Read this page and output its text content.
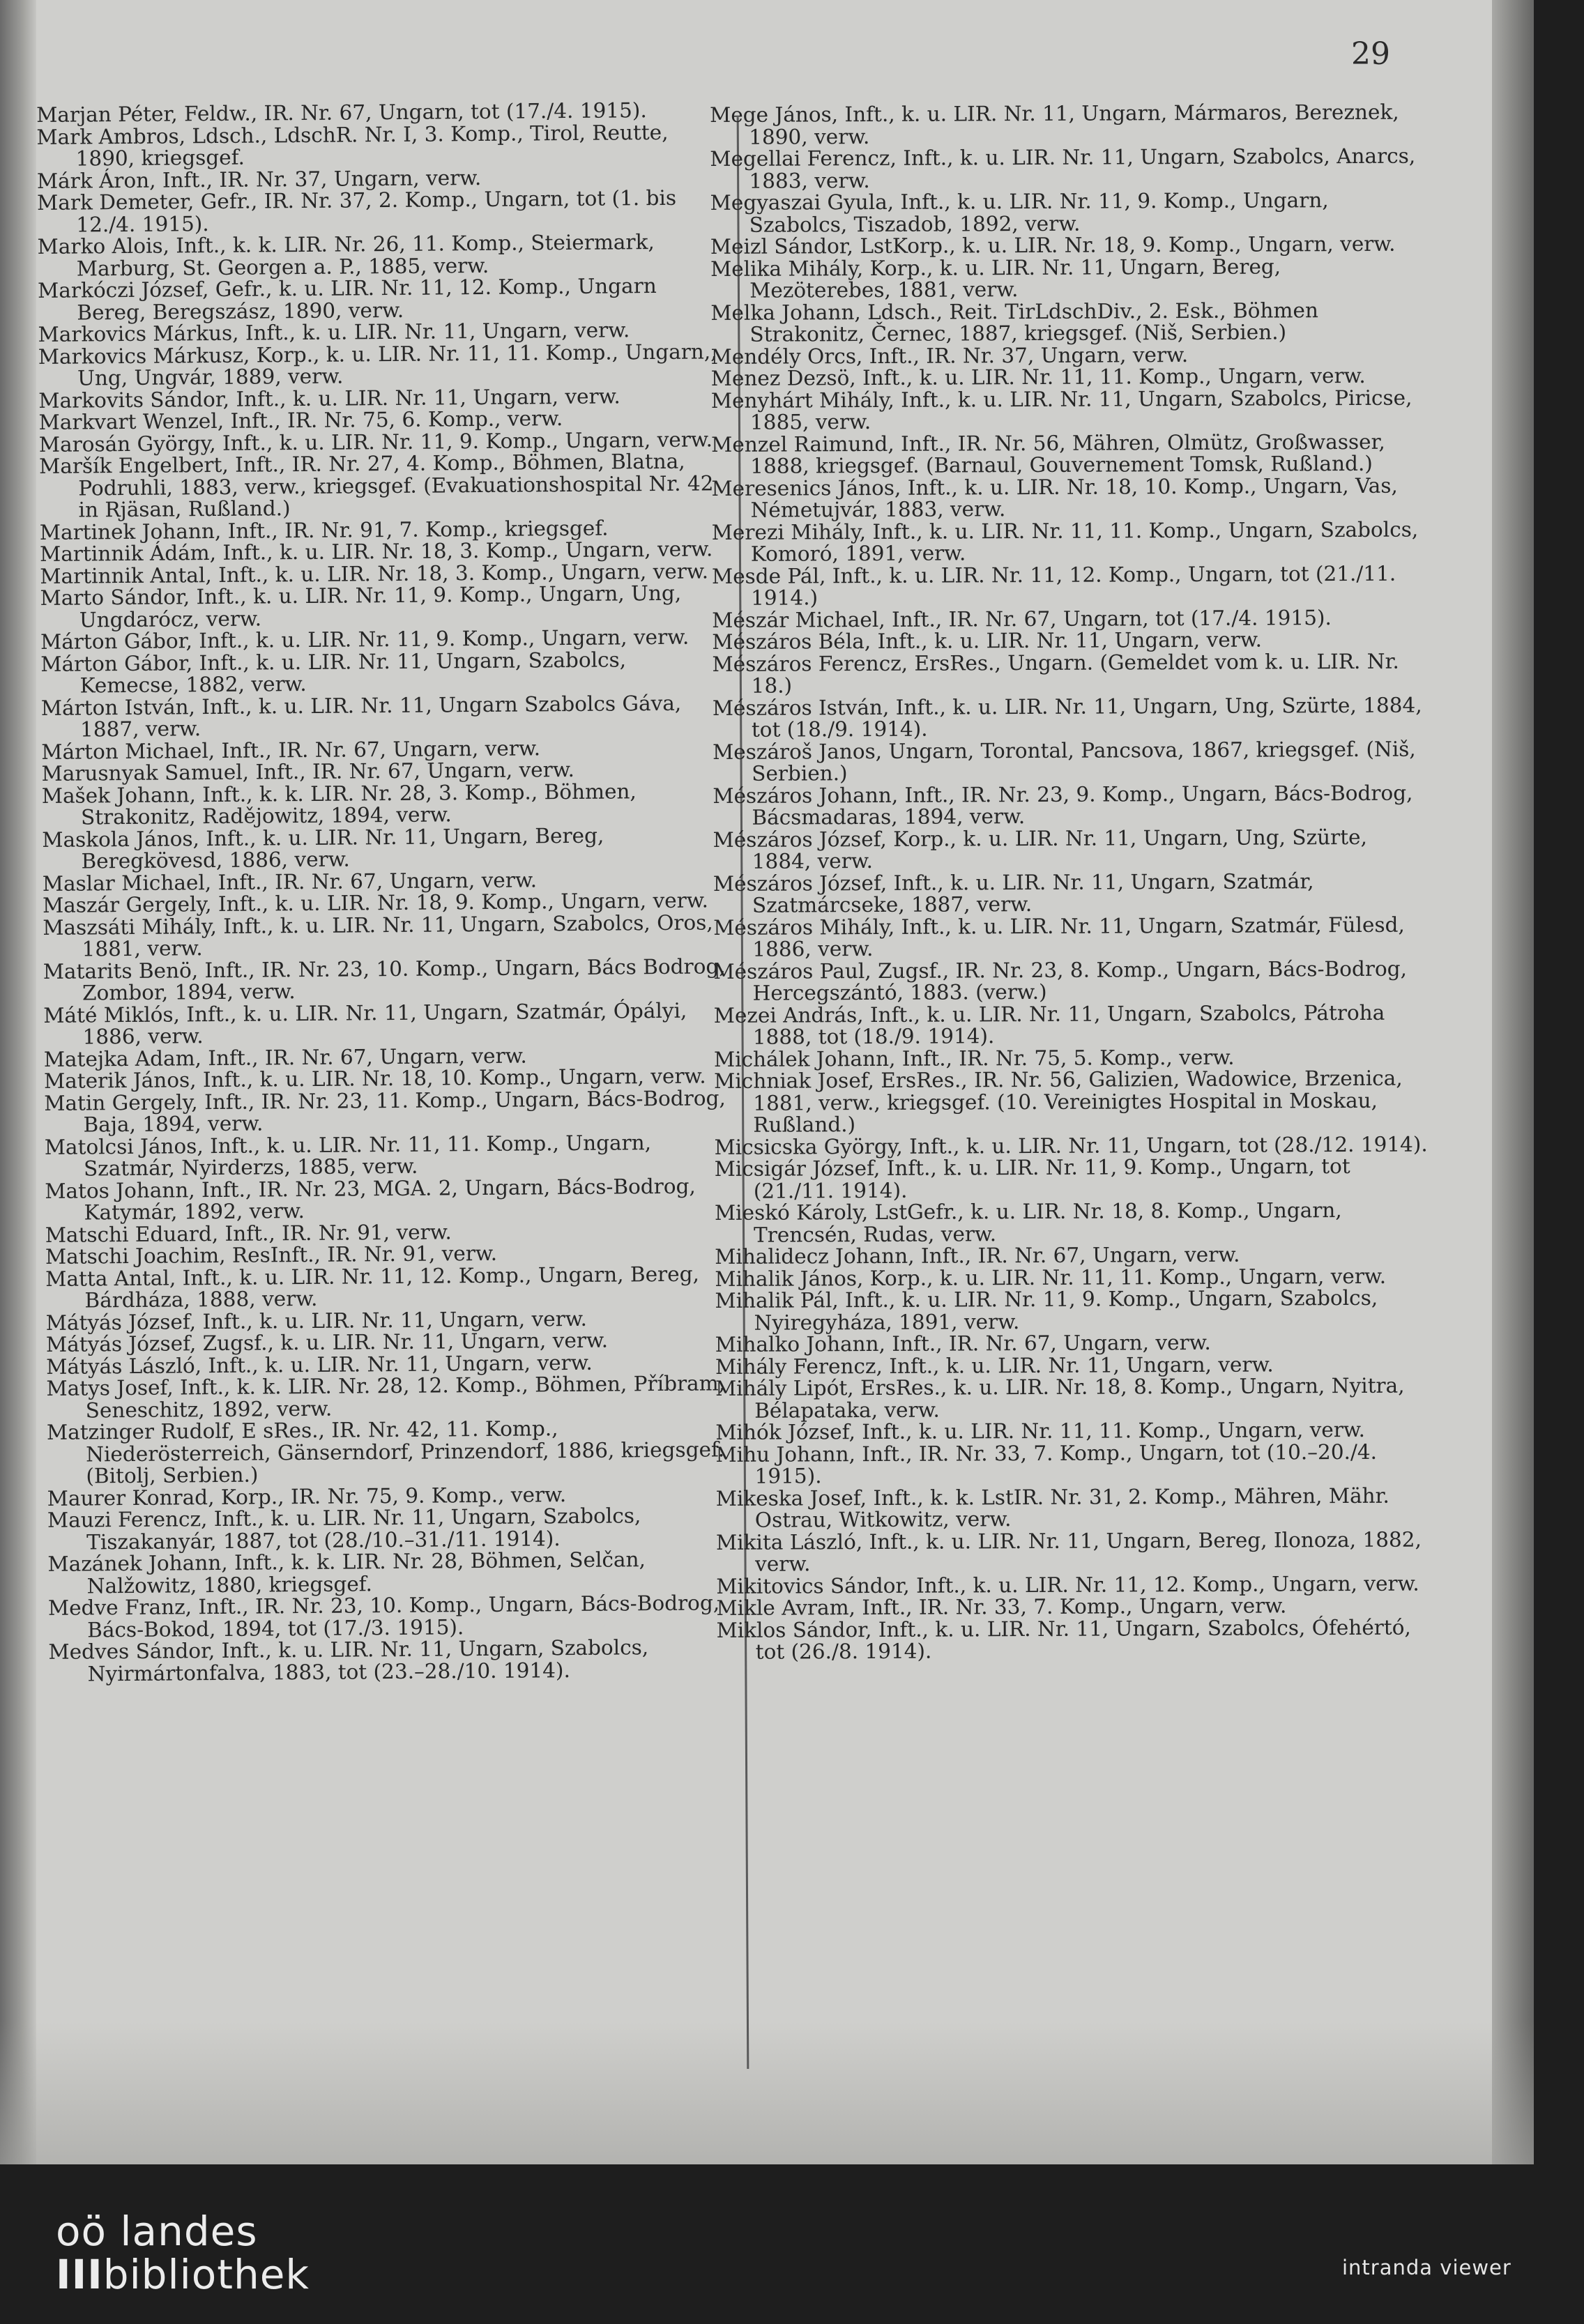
29

Marjan Péter, Feldw., IR. Nr. 67, Ungarn, tot (17./4. 1915).

Mark Ambros, Ldsch., LdschR. Nr. I, 3. Komp., Tirol, Reutte, 1890, kriegsgef.

Márk Áron, Inft., IR. Nr. 37, Ungarn, verw.

Mark Demeter, Gefr., IR. Nr. 37, 2. Komp., Ungarn, tot (1. bis 12./4. 1915).

Marko Alois, Inft., k. k. LIR. Nr. 26, 11. Komp., Steiermark, Marburg, St. Georgen a. P., 1885, verw.

Markóczi József, Gefr., k. u. LIR. Nr. 11, 12. Komp., Ungarn Bereg, Beregszász, 1890, verw.

Markovics Márkus, Inft., k. u. LIR. Nr. 11, Ungarn, verw.

Markovics Márkusz, Korp., k. u. LIR. Nr. 11, 11. Komp., Ungarn,, Ung, Ungvár, 1889, verw.

Markovits Sándor, Inft., k. u. LIR. Nr. 11, Ungarn, verw.

Markvart Wenzel, Inft., IR. Nr. 75, 6. Komp., verw.

Marosán György, Inft., k. u. LIR. Nr. 11, 9. Komp., Ungarn, verw.

Maršík Engelbert, Inft., IR. Nr. 27, 4. Komp., Böhmen, Blatna, Podruhli, 1883, verw., kriegsgef. (Evakuationshospital Nr. 42 in Rjäsan, Rußland.)

Martinek Johann, Inft., IR. Nr. 91, 7. Komp., kriegsgef.

Martinnik Ádám, Inft., k. u. LIR. Nr. 18, 3. Komp., Ungarn, verw.

Martinnik Antal, Inft., k. u. LIR. Nr. 18, 3. Komp., Ungarn, verw.

Marto Sándor, Inft., k. u. LIR. Nr. 11, 9. Komp., Ungarn, Ung, Ungdarócz, verw.

Márton Gábor, Inft., k. u. LIR. Nr. 11, 9. Komp., Ungarn, verw.

Márton Gábor, Inft., k. u. LIR. Nr. 11, Ungarn, Szabolcs, Kemecse, 1882, verw.

Márton István, Inft., k. u. LIR. Nr. 11, Ungarn Szabolcs Gáva, 1887, verw.

Márton Michael, Inft., IR. Nr. 67, Ungarn, verw.

Marusnyak Samuel, Inft., IR. Nr. 67, Ungarn, verw.

Mašek Johann, Inft., k. k. LIR. Nr. 28, 3. Komp., Böhmen, Strakonitz, Radějowitz, 1894, verw.

Maskola János, Inft., k. u. LIR. Nr. 11, Ungarn, Bereg, Beregkövesd, 1886, verw.

Maslar Michael, Inft., IR. Nr. 67, Ungarn, verw.

Maszár Gergely, Inft., k. u. LIR. Nr. 18, 9. Komp., Ungarn, verw.

Maszsáti Mihály, Inft., k. u. LIR. Nr. 11, Ungarn, Szabolcs, Oros, 1881, verw.

Matarits Benö, Inft., IR. Nr. 23, 10. Komp., Ungarn, Bács Bodrog, Zombor, 1894, verw.

Máté Miklós, Inft., k. u. LIR. Nr. 11, Ungarn, Szatmár, Ópályi, 1886, verw.

Matejka Adam, Inft., IR. Nr. 67, Ungarn, verw.

Materik János, Inft., k. u. LIR. Nr. 18, 10. Komp., Ungarn, verw.

Matin Gergely, Inft., IR. Nr. 23, 11. Komp., Ungarn, Bács-Bodrog, Baja, 1894, verw.

Matolcsi János, Inft., k. u. LIR. Nr. 11, 11. Komp., Ungarn, Szatmár, Nyirderzs, 1885, verw.

Matos Johann, Inft., IR. Nr. 23, MGA. 2, Ungarn, Bács-Bodrog, Katymár, 1892, verw.

Matschi Eduard, Inft., IR. Nr. 91, verw.

Matschi Joachim, ResInft., IR. Nr. 91, verw.

Matta Antal, Inft., k. u. LIR. Nr. 11, 12. Komp., Ungarn, Bereg, Bárdháza, 1888, verw.

Mátyás József, Inft., k. u. LIR. Nr. 11, Ungarn, verw.

Mátyás József, Zugsf., k. u. LIR. Nr. 11, Ungarn, verw.

Mátyás László, Inft., k. u. LIR. Nr. 11, Ungarn, verw.

Matys Josef, Inft., k. k. LIR. Nr. 28, 12. Komp., Böhmen, Příbram, Seneschitz, 1892, verw.

Matzinger Rudolf, E sRes., IR. Nr. 42, 11. Komp., Niederösterreich, Gänserndorf, Prinzendorf, 1886, kriegsgef. (Bitolj, Serbien.)

Maurer Konrad, Korp., IR. Nr. 75, 9. Komp., verw.

Mauzi Ferencz, Inft., k. u. LIR. Nr. 11, Ungarn, Szabolcs, Tiszakanyár, 1887, tot (28./10.–31./11. 1914).

Mazánek Johann, Inft., k. k. LIR. Nr. 28, Böhmen, Selčan, Nalžowitz, 1880, kriegsgef.

Medve Franz, Inft., IR. Nr. 23, 10. Komp., Ungarn, Bács-Bodrog, Bács-Bokod, 1894, tot (17./3. 1915).

Medves Sándor, Inft., k. u. LIR. Nr. 11, Ungarn, Szabolcs, Nyirmártonfalva, 1883, tot (23.–28./10. 1914).

Mege János, Inft., k. u. LIR. Nr. 11, Ungarn, Mármaros, Bereznek, 1890, verw.

Megellai Ferencz, Inft., k. u. LIR. Nr. 11, Ungarn, Szabolcs, Anarcs, 1883, verw.

Megyaszai Gyula, Inft., k. u. LIR. Nr. 11, 9. Komp., Ungarn, Szabolcs, Tiszadob, 1892, verw.

Meizl Sándor, LstKorp., k. u. LIR. Nr. 18, 9. Komp., Ungarn, verw.

Melika Mihály, Korp., k. u. LIR. Nr. 11, Ungarn, Bereg, Mezöterebes, 1881, verw.

Melka Johann, Ldsch., Reit. TirLdschDiv., 2. Esk., Böhmen Strakonitz, Černec, 1887, kriegsgef. (Niš, Serbien.)

Mendély Orcs, Inft., IR. Nr. 37, Ungarn, verw.

Menez Dezsö, Inft., k. u. LIR. Nr. 11, 11. Komp., Ungarn, verw.

Menyhárt Mihály, Inft., k. u. LIR. Nr. 11, Ungarn, Szabolcs, Piricse, 1885, verw.

Menzel Raimund, Inft., IR. Nr. 56, Mähren, Olmütz, Großwasser, 1888, kriegsgef. (Barnaul, Gouvernement Tomsk, Rußland.)

Meresenics János, Inft., k. u. LIR. Nr. 18, 10. Komp., Ungarn, Vas, Németujvár, 1883, verw.

Merezi Mihály, Inft., k. u. LIR. Nr. 11, 11. Komp., Ungarn, Szabolcs, Komoró, 1891, verw.

Mesde Pál, Inft., k. u. LIR. Nr. 11, 12. Komp., Ungarn, tot (21./11. 1914.)

Mészár Michael, Inft., IR. Nr. 67, Ungarn, tot (17./4. 1915).

Mészáros Béla, Inft., k. u. LIR. Nr. 11, Ungarn, verw.

Mészáros Ferencz, ErsRes., Ungarn. (Gemeldet vom k. u. LIR. Nr. 18.)

Mészáros István, Inft., k. u. LIR. Nr. 11, Ungarn, Ung, Szürte, 1884, tot (18./9. 1914).

Meszároš Janos, Ungarn, Torontal, Pancsova, 1867, kriegsgef. (Niš, Serbien.)

Mészáros Johann, Inft., IR. Nr. 23, 9. Komp., Ungarn, Bács-Bodrog, Bácsmadaras, 1894, verw.

Mészáros József, Korp., k. u. LIR. Nr. 11, Ungarn, Ung, Szürte, 1884, verw.

Mészáros József, Inft., k. u. LIR. Nr. 11, Ungarn, Szatmár, Szatmárcseke, 1887, verw.

Mészáros Mihály, Inft., k. u. LIR. Nr. 11, Ungarn, Szatmár, Fülesd, 1886, verw.

Mészáros Paul, Zugsf., IR. Nr. 23, 8. Komp., Ungarn, Bács-Bodrog, Hercegszántó, 1883. (verw.)

Mezei András, Inft., k. u. LIR. Nr. 11, Ungarn, Szabolcs, Pátroha 1888, tot (18./9. 1914).

Michálek Johann, Inft., IR. Nr. 75, 5. Komp., verw.

Michniak Josef, ErsRes., IR. Nr. 56, Galizien, Wadowice, Brzenica, 1881, verw., kriegsgef. (10. Vereinigtes Hospital in Moskau, Rußland.)

Micsicska György, Inft., k. u. LIR. Nr. 11, Ungarn, tot (28./12. 1914).

Micsigár József, Inft., k. u. LIR. Nr. 11, 9. Komp., Ungarn, tot (21./11. 1914).

Mieskó Károly, LstGefr., k. u. LIR. Nr. 18, 8. Komp., Ungarn, Trencsén, Rudas, verw.

Mihalidecz Johann, Inft., IR. Nr. 67, Ungarn, verw.

Mihalik János, Korp., k. u. LIR. Nr. 11, 11. Komp., Ungarn, verw.

Mihalik Pál, Inft., k. u. LIR. Nr. 11, 9. Komp., Ungarn, Szabolcs, Nyiregyháza, 1891, verw.

Mihalko Johann, Inft., IR. Nr. 67, Ungarn, verw.

Mihály Ferencz, Inft., k. u. LIR. Nr. 11, Ungarn, verw.

Mihály Lipót, ErsRes., k. u. LIR. Nr. 18, 8. Komp., Ungarn, Nyitra, Bélapataka, verw.

Mihók József, Inft., k. u. LIR. Nr. 11, 11. Komp., Ungarn, verw.

Mihu Johann, Inft., IR. Nr. 33, 7. Komp., Ungarn, tot (10.–20./4. 1915).

Mikeska Josef, Inft., k. k. LstIR. Nr. 31, 2. Komp., Mähren, Mähr. Ostrau, Witkowitz, verw.

Mikita László, Inft., k. u. LIR. Nr. 11, Ungarn, Bereg, Ilonoza, 1882, verw.

Mikitovics Sándor, Inft., k. u. LIR. Nr. 11, 12. Komp., Ungarn, verw.

Mikle Avram, Inft., IR. Nr. 33, 7. Komp., Ungarn, verw.

Miklos Sándor, Inft., k. u. LIR. Nr. 11, Ungarn, Szabolcs, Ófehértó, tot (26./8. 1914).

oö landes
IIIbibliothek	intranda viewer
